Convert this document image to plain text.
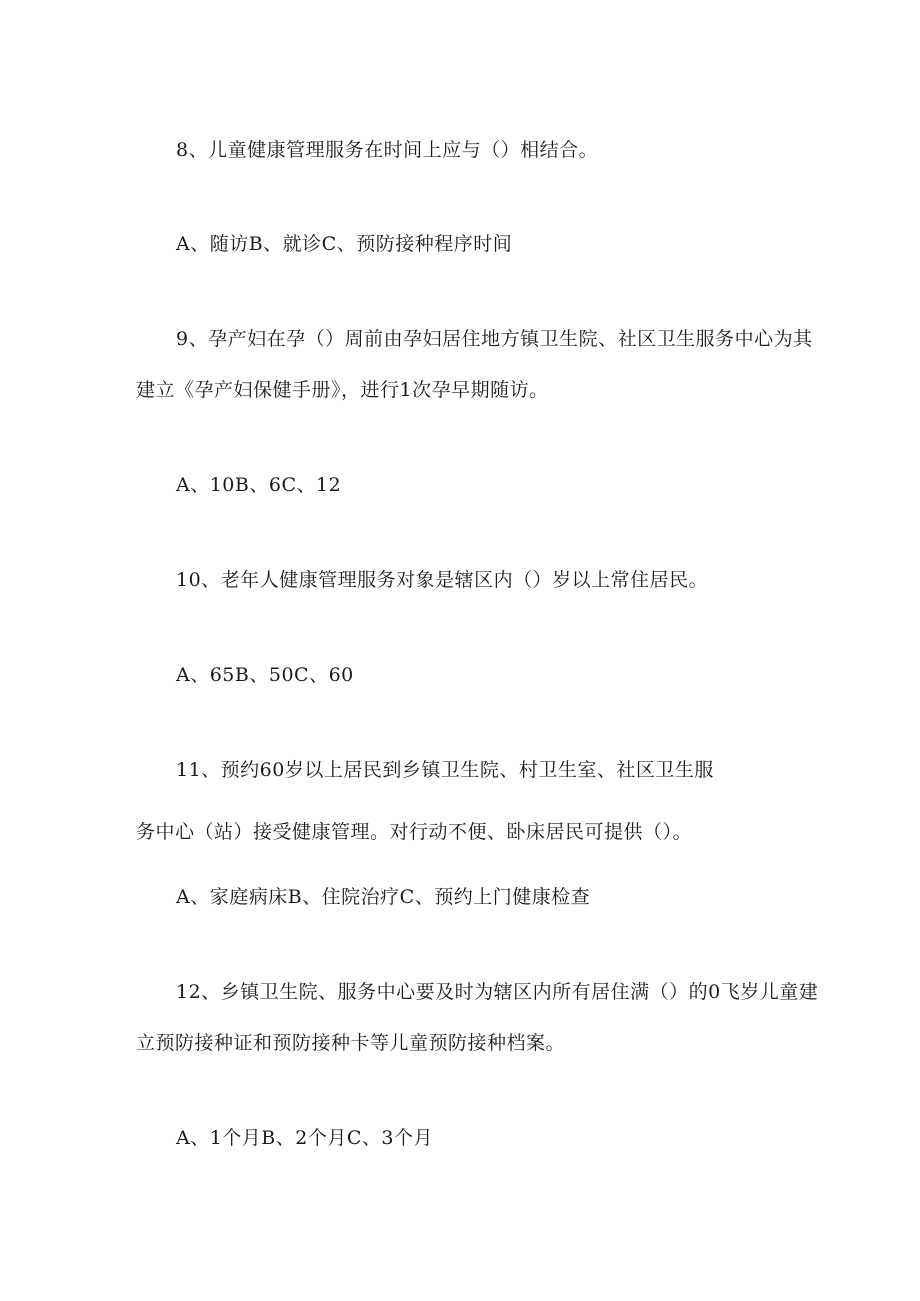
8、儿童健康管理服务在时间上应与（）相结合。
A、随访B、就诊C、预防接种程序时间
9、孕产妇在孕（）周前由孕妇居住地方镇卫生院、社区卫生服务中心为其
建立《孕产妇保健手册》，进行1次孕早期随访。
A、10B、6C、12
10、老年人健康管理服务对象是辖区内（）岁以上常住居民。
A、65B、50C、60
11、预约60岁以上居民到乡镇卫生院、村卫生室、社区卫生服
务中心（站）接受健康管理。对行动不便、卧床居民可提供（）。
A、家庭病床B、住院治疗C、预约上门健康检查
12、乡镇卫生院、服务中心要及时为辖区内所有居住满（）的0飞岁儿童建
立预防接种证和预防接种卡等儿童预防接种档案。
A、1个月B、2个月C、3个月
